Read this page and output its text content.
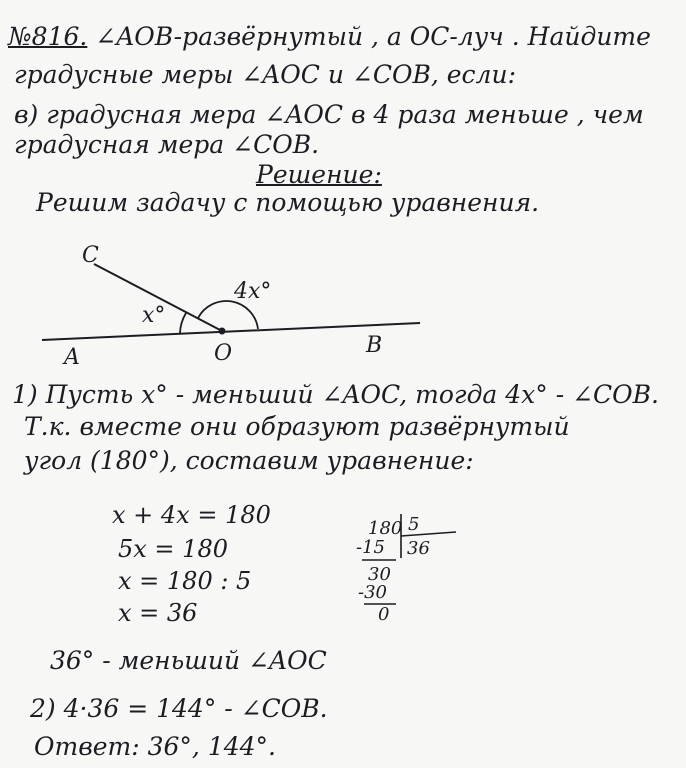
№816. ∠AOB-развёрнутый , а OC-луч . Найдите
градусные меры ∠AOC и ∠COB, если:
в) градусная мера ∠AOC в 4 раза меньше , чем
градусная мера ∠COB.
Решение:
Решим задачу с помощью уравнения.
C
A	O	B
x°
4x°
180 5
-15 36
30
-30
0
1) Пусть x° - меньший ∠AOC, тогда 4x° - ∠COB.
Т.к. вместе они образуют развёрнутый
угол (180°), составим уравнение:
x + 4x = 180
5x = 180
x = 180 : 5
x = 36
36° - меньший ∠AOC
2) 4·36 = 144° - ∠COB.
Ответ: 36°, 144°.
